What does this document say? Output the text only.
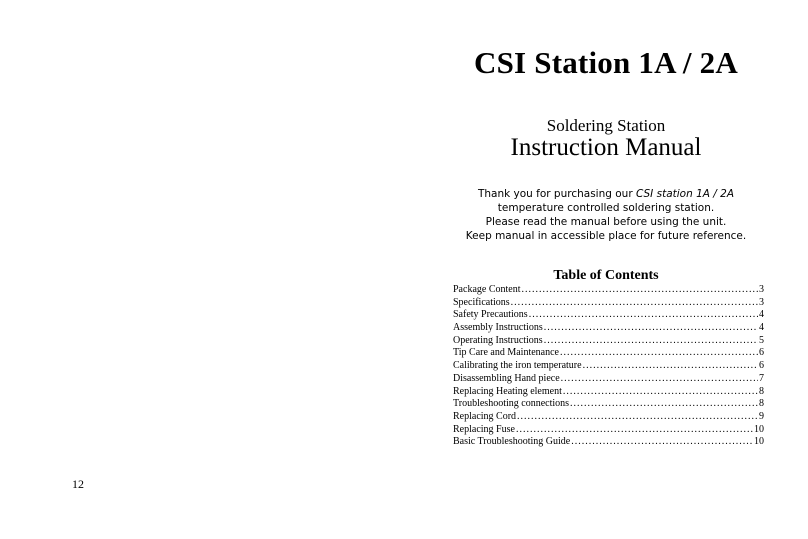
12
CSI Station 1A / 2A
Soldering Station
Instruction Manual
Thank you for purchasing our CSI station 1A / 2A
temperature controlled soldering station.
Please read the manual before using the unit.
Keep manual in accessible place for future reference.
Table of Contents
Package Content .....	3
Specifications .....	3
Safety Precautions .....	4
Assembly Instructions .....	4
Operating Instructions .....	5
Tip Care and Maintenance .....	6
Calibrating the iron temperature .....	6
Disassembling Hand piece .....	7
Replacing Heating element .....	8
Troubleshooting connections .....	8
Replacing Cord .....	9
Replacing Fuse .....	10
Basic Troubleshooting Guide .....	10
